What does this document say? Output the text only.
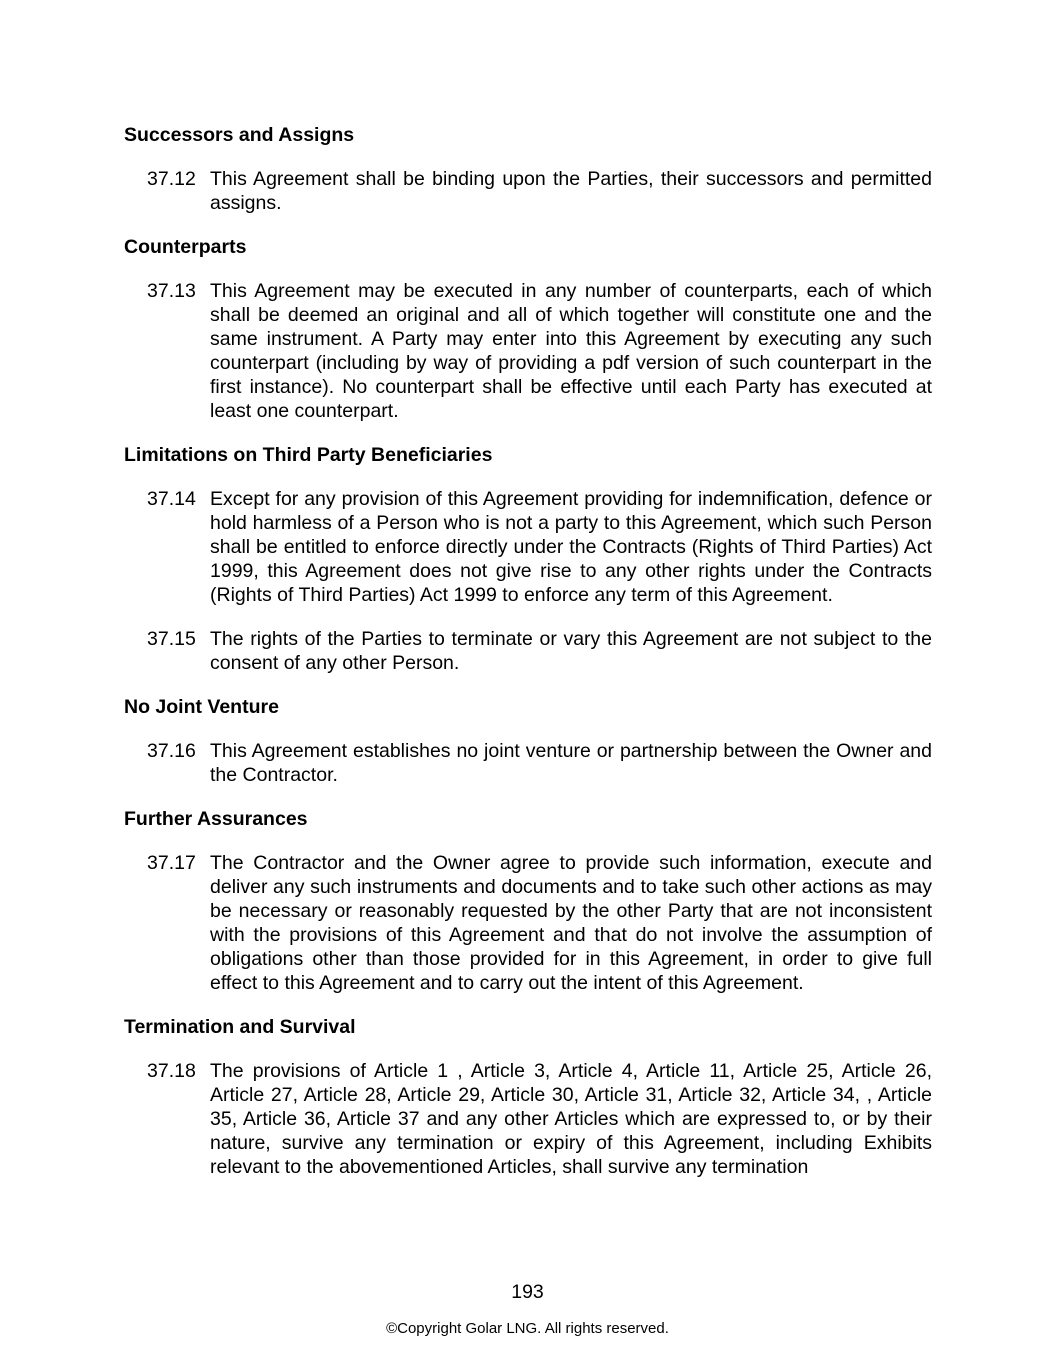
Successors and Assigns
37.12 This Agreement shall be binding upon the Parties, their successors and permitted assigns.
Counterparts
37.13 This Agreement may be executed in any number of counterparts, each of which shall be deemed an original and all of which together will constitute one and the same instrument. A Party may enter into this Agreement by executing any such counterpart (including by way of providing a pdf version of such counterpart in the first instance). No counterpart shall be effective until each Party has executed at least one counterpart.
Limitations on Third Party Beneficiaries
37.14 Except for any provision of this Agreement providing for indemnification, defence or hold harmless of a Person who is not a party to this Agreement, which such Person shall be entitled to enforce directly under the Contracts (Rights of Third Parties) Act 1999, this Agreement does not give rise to any other rights under the Contracts (Rights of Third Parties) Act 1999 to enforce any term of this Agreement.
37.15 The rights of the Parties to terminate or vary this Agreement are not subject to the consent of any other Person.
No Joint Venture
37.16 This Agreement establishes no joint venture or partnership between the Owner and the Contractor.
Further Assurances
37.17 The Contractor and the Owner agree to provide such information, execute and deliver any such instruments and documents and to take such other actions as may be necessary or reasonably requested by the other Party that are not inconsistent with the provisions of this Agreement and that do not involve the assumption of obligations other than those provided for in this Agreement, in order to give full effect to this Agreement and to carry out the intent of this Agreement.
Termination and Survival
37.18 The provisions of Article 1 , Article 3, Article 4, Article 11, Article 25, Article 26, Article 27, Article 28, Article 29, Article 30, Article 31, Article 32, Article 34, , Article 35, Article 36, Article 37 and any other Articles which are expressed to, or by their nature, survive any termination or expiry of this Agreement, including Exhibits relevant to the abovementioned Articles, shall survive any termination
193
©Copyright Golar LNG. All rights reserved.
